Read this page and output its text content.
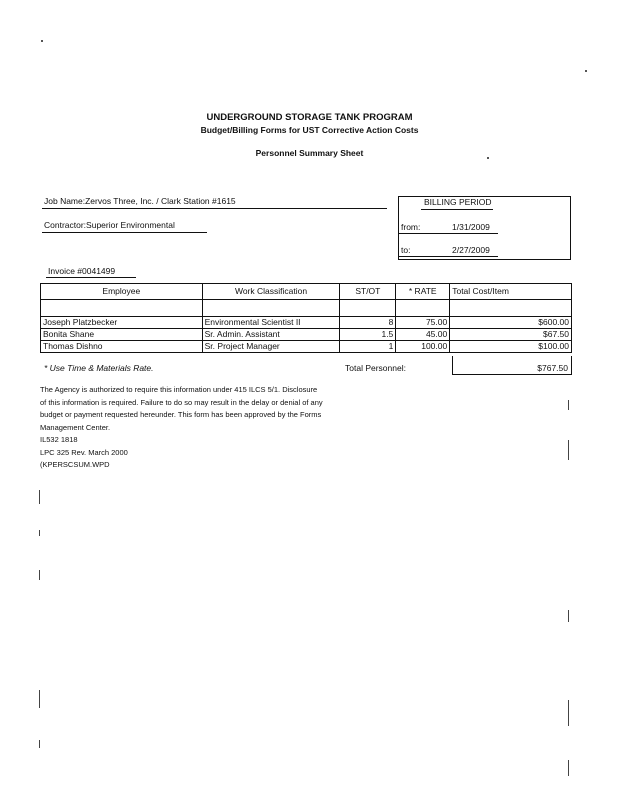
UNDERGROUND STORAGE TANK PROGRAM
Budget/Billing Forms for UST Corrective Action Costs
Personnel Summary Sheet
Job Name:Zervos Three, Inc. / Clark Station #1615
Contractor:Superior Environmental
Invoice #0041499
BILLING PERIOD
from:	1/31/2009
to:	2/27/2009
Employee	Work Classification	ST/OT	* RATE	Total Cost/Item

Joseph Platzbecker	Environmental Scientist II	8	75.00	$600.00
Bonita Shane	Sr. Admin. Assistant	1.5	45.00	$67.50
Thomas Dishno	Sr. Project Manager	1	100.00	$100.00
* Use Time & Materials Rate.	Total Personnel:	$767.50
The Agency is authorized to require this information under 415 ILCS 5/1. Disclosure
of this information is required. Failure to do so may result in the delay or denial of any
budget or payment requested hereunder. This form has been approved by the Forms
Management Center.
IL532 1818
LPC 325 Rev. March 2000
(KPERSCSUM.WPD
